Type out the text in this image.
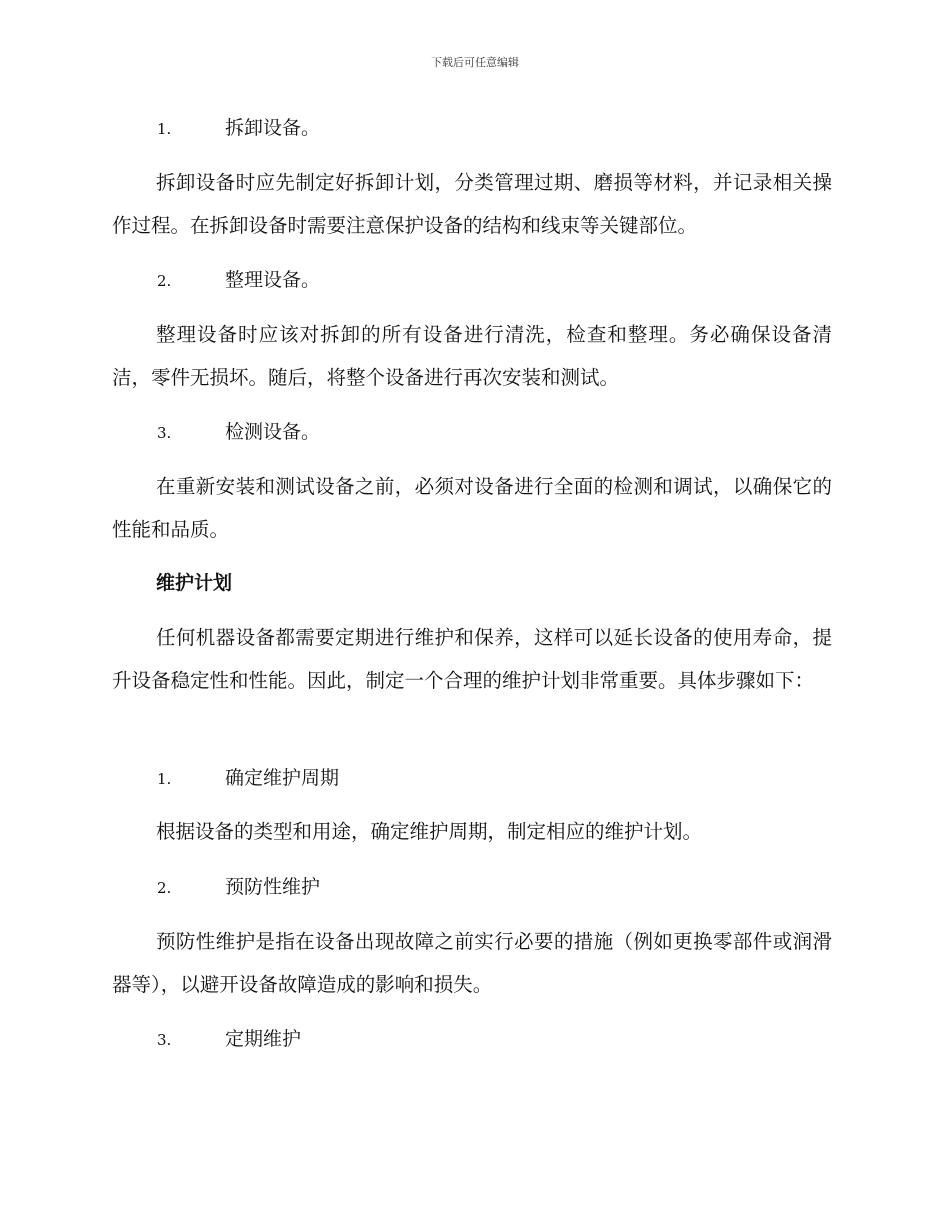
下载后可任意编辑
1.	拆卸设备。

拆卸设备时应先制定好拆卸计划，分类管理过期、磨损等材料，并记录相关操作过程。在拆卸设备时需要注意保护设备的结构和线束等关键部位。

2.	整理设备。

整理设备时应该对拆卸的所有设备进行清洗，检查和整理。务必确保设备清洁，零件无损坏。随后，将整个设备进行再次安装和测试。

3.	检测设备。

在重新安装和测试设备之前，必须对设备进行全面的检测和调试，以确保它的性能和品质。

维护计划

任何机器设备都需要定期进行维护和保养，这样可以延长设备的使用寿命，提升设备稳定性和性能。因此，制定一个合理的维护计划非常重要。具体步骤如下：

1.	确定维护周期

根据设备的类型和用途，确定维护周期，制定相应的维护计划。

2.	预防性维护

预防性维护是指在设备出现故障之前实行必要的措施（例如更换零部件或润滑器等），以避开设备故障造成的影响和损失。

3.	定期维护
